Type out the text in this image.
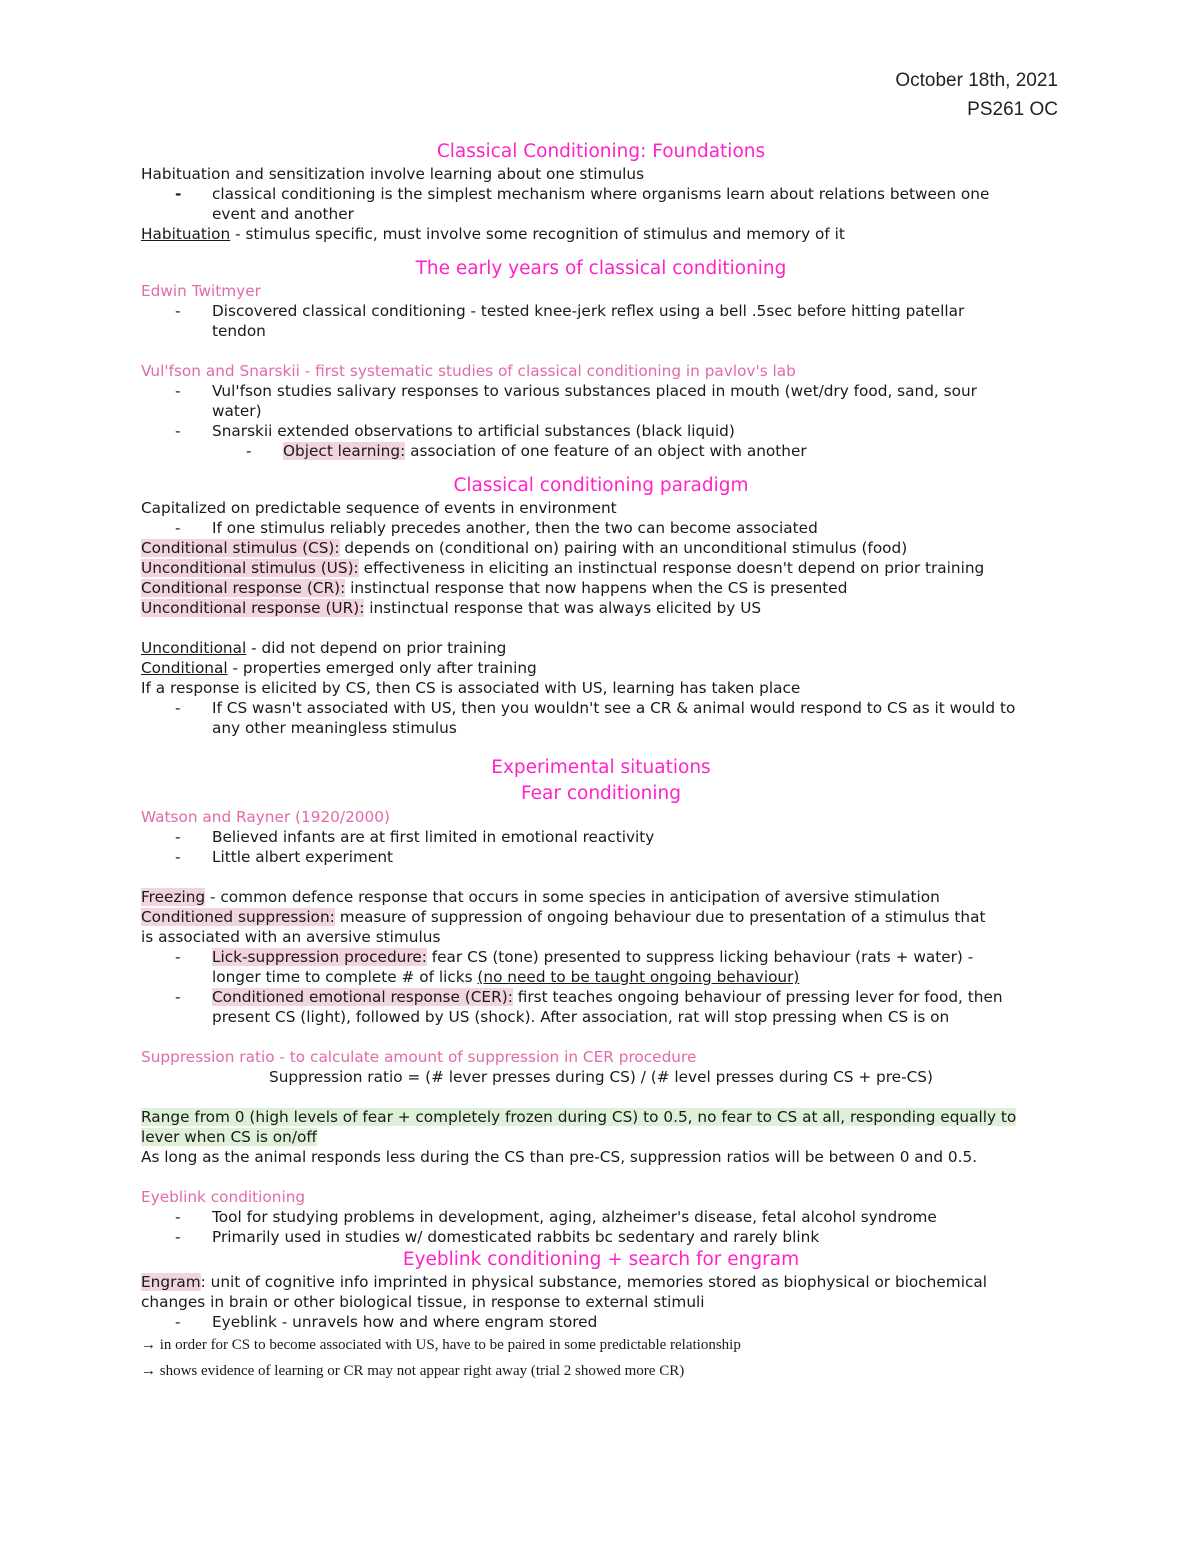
October 18th, 2021
PS261 OC
Classical Conditioning: Foundations
Habituation and sensitization involve learning about one stimulus
- classical conditioning is the simplest mechanism where organisms learn about relations between one
event and another
Habituation - stimulus specific, must involve some recognition of stimulus and memory of it
The early years of classical conditioning
Edwin Twitmyer
- Discovered classical conditioning - tested knee-jerk reflex using a bell .5sec before hitting patellar
tendon
Vul'fson and Snarskii - first systematic studies of classical conditioning in pavlov's lab
- Vul'fson studies salivary responses to various substances placed in mouth (wet/dry food, sand, sour
water)
- Snarskii extended observations to artificial substances (black liquid)
- Object learning: association of one feature of an object with another
Classical conditioning paradigm
Capitalized on predictable sequence of events in environment
- If one stimulus reliably precedes another, then the two can become associated
Conditional stimulus (CS): depends on (conditional on) pairing with an unconditional stimulus (food)
Unconditional stimulus (US): effectiveness in eliciting an instinctual response doesn't depend on prior training
Conditional response (CR): instinctual response that now happens when the CS is presented
Unconditional response (UR): instinctual response that was always elicited by US
Unconditional - did not depend on prior training
Conditional - properties emerged only after training
If a response is elicited by CS, then CS is associated with US, learning has taken place
- If CS wasn't associated with US, then you wouldn't see a CR & animal would respond to CS as it would to
any other meaningless stimulus
Experimental situations
Fear conditioning
Watson and Rayner (1920/2000)
- Believed infants are at first limited in emotional reactivity
- Little albert experiment
Freezing - common defence response that occurs in some species in anticipation of aversive stimulation
Conditioned suppression: measure of suppression of ongoing behaviour due to presentation of a stimulus that
is associated with an aversive stimulus
- Lick-suppression procedure: fear CS (tone) presented to suppress licking behaviour (rats + water) -
longer time to complete # of licks (no need to be taught ongoing behaviour)
- Conditioned emotional response (CER): first teaches ongoing behaviour of pressing lever for food, then
present CS (light), followed by US (shock). After association, rat will stop pressing when CS is on
Suppression ratio - to calculate amount of suppression in CER procedure
Suppression ratio = (# lever presses during CS) / (# level presses during CS + pre-CS)
Range from 0 (high levels of fear + completely frozen during CS) to 0.5, no fear to CS at all, responding equally to
lever when CS is on/off
As long as the animal responds less during the CS than pre-CS, suppression ratios will be between 0 and 0.5.
Eyeblink conditioning
- Tool for studying problems in development, aging, alzheimer's disease, fetal alcohol syndrome
- Primarily used in studies w/ domesticated rabbits bc sedentary and rarely blink
Eyeblink conditioning + search for engram
Engram: unit of cognitive info imprinted in physical substance, memories stored as biophysical or biochemical
changes in brain or other biological tissue, in response to external stimuli
- Eyeblink - unravels how and where engram stored
→ in order for CS to become associated with US, have to be paired in some predictable relationship
→ shows evidence of learning or CR may not appear right away (trial 2 showed more CR)
